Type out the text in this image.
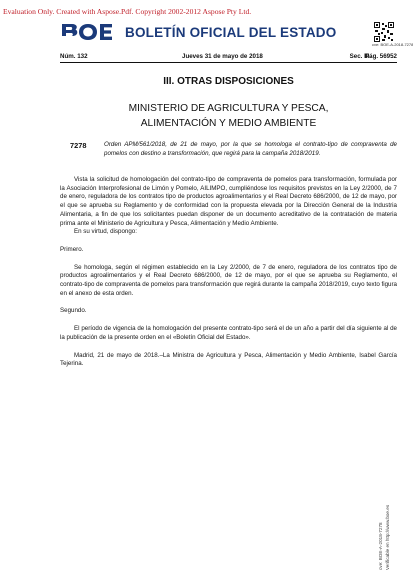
Evaluation Only. Created with Aspose.Pdf. Copyright 2002-2012 Aspose Pty Ltd.
BOLETÍN OFICIAL DEL ESTADO
cve: BOE-A-2018-7278
Núm. 132	Jueves 31 de mayo de 2018	Sec. III.
Pág. 56952

III. OTRAS DISPOSICIONES
MINISTERIO DE AGRICULTURA Y PESCA,
ALIMENTACIÓN Y MEDIO AMBIENTE
7278	Orden APM/561/2018, de 21 de mayo, por la que se homologa el contrato-tipo de compraventa de pomelos con destino a transformación, que regirá para la campaña 2018/2019.

Vista la solicitud de homologación del contrato-tipo de compraventa de pomelos para transformación, formulada por la Asociación Interprofesional de Limón y Pomelo, AILIMPO, cumpliéndose los requisitos previstos en la Ley 2/2000, de 7 de enero, reguladora de los contratos tipo de productos agroalimentarios y el Real Decreto 686/2000, de 12 de mayo, por el que se aprueba su Reglamento y de conformidad con la propuesta elevada por la Dirección General de la Industria Alimentaria, a fin de que los solicitantes puedan disponer de un documento acreditativo de la contratación de materia prima ante el Ministerio de Agricultura y Pesca, Alimentación y Medio Ambiente.

En su virtud, dispongo:

Primero.

Se homologa, según el régimen establecido en la Ley 2/2000, de 7 de enero, reguladora de los contratos tipo de productos agroalimentarios y el Real Decreto 686/2000, de 12 de mayo, por el que se aprueba su Reglamento, el contrato-tipo de compraventa de pomelos para transformación que regirá durante la campaña 2018/2019, cuyo texto figura en el anexo de esta orden.

Segundo.

El período de vigencia de la homologación del presente contrato-tipo será el de un año a partir del día siguiente al de la publicación de la presente orden en el «Boletín Oficial del Estado».

Madrid, 21 de mayo de 2018.–La Ministra de Agricultura y Pesca, Alimentación y Medio Ambiente, Isabel García Tejerina.

cve: BOE-A-2018-7278 Verificable en http://www.boe.es
